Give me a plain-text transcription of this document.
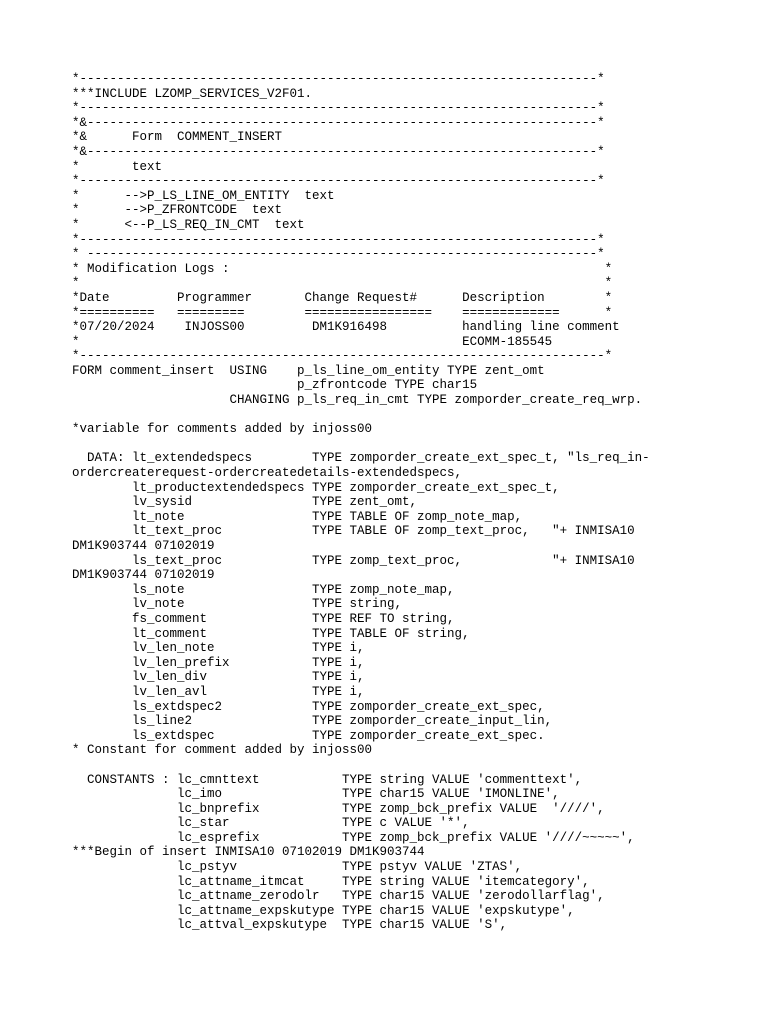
*---------------------------------------------------------------------*
***INCLUDE LZOMP_SERVICES_V2F01.
*---------------------------------------------------------------------*
*&--------------------------------------------------------------------*
*&      Form  COMMENT_INSERT
*&--------------------------------------------------------------------*
*       text
*---------------------------------------------------------------------*
*      -->P_LS_LINE_OM_ENTITY  text
*      -->P_ZFRONTCODE  text
*      <--P_LS_REQ_IN_CMT  text
*---------------------------------------------------------------------*
* --------------------------------------------------------------------*
* Modification Logs :                                                  *
*                                                                      *
*Date         Programmer       Change Request#      Description        *
*==========   =========        =================    =============      *
*07/20/2024    INJOSS00         DM1K916498          handling line comment
*                                                   ECOMM-185545
*----------------------------------------------------------------------*
FORM comment_insert  USING    p_ls_line_om_entity TYPE zent_omt
p_zfrontcode TYPE char15
CHANGING p_ls_req_in_cmt TYPE zomporder_create_req_wrp.
*variable for comments added by injoss00
DATA: lt_extendedspecs        TYPE zomporder_create_ext_spec_t, "ls_req_in-
ordercreaterequest-ordercreatedetails-extendedspecs,
lt_productextendedspecs TYPE zomporder_create_ext_spec_t,
lv_sysid                TYPE zent_omt,
lt_note                 TYPE TABLE OF zomp_note_map,
lt_text_proc            TYPE TABLE OF zomp_text_proc,   "+ INMISA10
DM1K903744 07102019
ls_text_proc            TYPE zomp_text_proc,            "+ INMISA10
DM1K903744 07102019
ls_note                 TYPE zomp_note_map,
lv_note                 TYPE string,
fs_comment              TYPE REF TO string,
lt_comment              TYPE TABLE OF string,
lv_len_note             TYPE i,
lv_len_prefix           TYPE i,
lv_len_div              TYPE i,
lv_len_avl              TYPE i,
ls_extdspec2            TYPE zomporder_create_ext_spec,
ls_line2                TYPE zomporder_create_input_lin,
ls_extdspec             TYPE zomporder_create_ext_spec.
* Constant for comment added by injoss00
CONSTANTS : lc_cmnttext           TYPE string VALUE 'commenttext',
lc_imo                TYPE char15 VALUE 'IMONLINE',
lc_bnprefix           TYPE zomp_bck_prefix VALUE  '////',
lc_star               TYPE c VALUE '*',
lc_esprefix           TYPE zomp_bck_prefix VALUE '////~~~~~',
***Begin of insert INMISA10 07102019 DM1K903744
lc_pstyv              TYPE pstyv VALUE 'ZTAS',
lc_attname_itmcat     TYPE string VALUE 'itemcategory',
lc_attname_zerodolr   TYPE char15 VALUE 'zerodollarflag',
lc_attname_expskutype TYPE char15 VALUE 'expskutype',
lc_attval_expskutype  TYPE char15 VALUE 'S',
